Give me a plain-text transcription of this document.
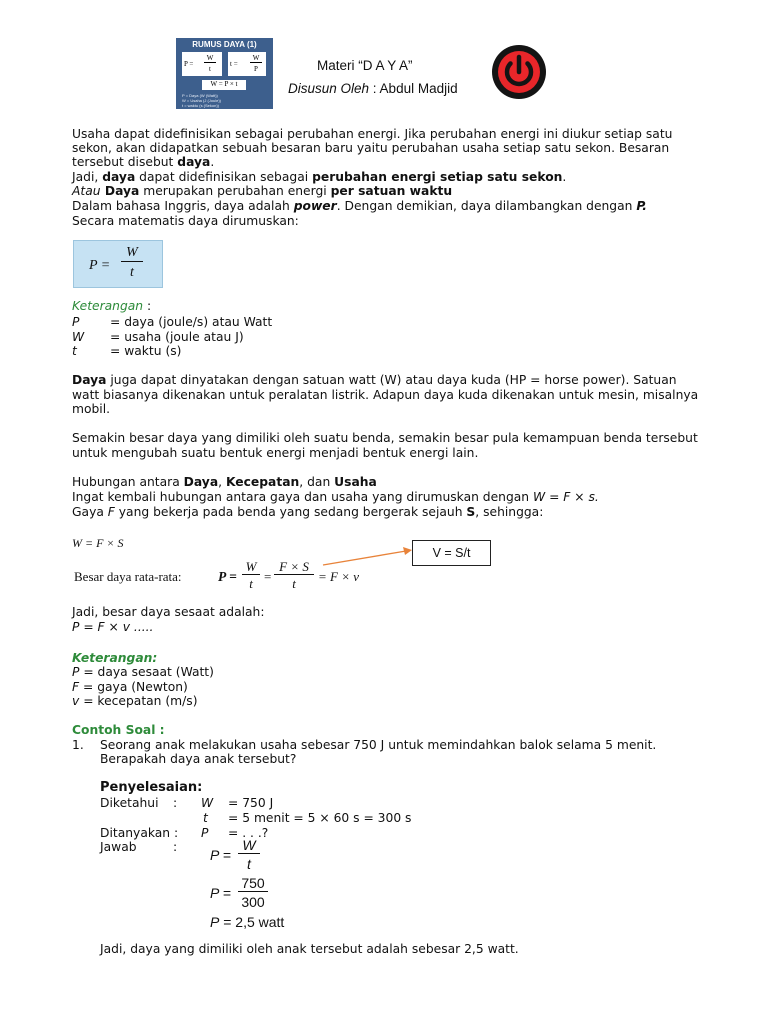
RUMUS DAYA (1)
P =
W
t
t =
W
P
W = P × t
P = Daya (W (Watt))
W = Usaha (J (Joule))
t = waktu (s (Sekon))
Materi “D A Y A”
Disusun Oleh : Abdul Madjid
Usaha dapat didefinisikan sebagai perubahan energi. Jika perubahan energi ini diukur setiap satu
sekon, akan didapatkan sebuah besaran baru yaitu perubahan usaha setiap satu sekon. Besaran
tersebut disebut daya.
Jadi, daya dapat didefinisikan sebagai perubahan energi setiap satu sekon.
Atau Daya merupakan perubahan energi per satuan waktu
Dalam bahasa Inggris, daya adalah power. Dengan demikian, daya dilambangkan dengan P.
Secara matematis daya dirumuskan:
P =
W
t
Keterangan :
P = daya (joule/s) atau Watt
W = usaha (joule atau J)
t	= waktu (s)
Daya juga dapat dinyatakan dengan satuan watt (W) atau daya kuda (HP = horse power). Satuan
watt biasanya dikenakan untuk peralatan listrik. Adapun daya kuda dikenakan untuk mesin, misalnya
mobil.
Semakin besar daya yang dimiliki oleh suatu benda, semakin besar pula kemampuan benda tersebut
untuk mengubah suatu bentuk energi menjadi bentuk energi lain.
Hubungan antara Daya, Kecepatan, dan Usaha
Ingat kembali hubungan antara gaya dan usaha yang dirumuskan dengan W = F × s.
Gaya F yang bekerja pada benda yang sedang bergerak sejauh S, sehingga:
W = F × S
Besar daya rata-rata:	P =
W
t =
F × S
t	= F × v
V = S/t
Jadi, besar daya sesaat adalah:
P = F × v .....
Keterangan:
P = daya sesaat (Watt)
F = gaya (Newton)
v = kecepatan (m/s)
Contoh Soal :
1. Seorang anak melakukan usaha sebesar 750 J untuk memindahkan balok selama 5 menit.
Berapakah daya anak tersebut?
Penyelesaian:
Diketahui : W = 750 J
t = 5 menit = 5 × 60 s = 300 s
Ditanyakan : P = . . .?
Jawab	: P =
W
t
P =
750
300
P = 2,5 watt
Jadi, daya yang dimiliki oleh anak tersebut adalah sebesar 2,5 watt.
